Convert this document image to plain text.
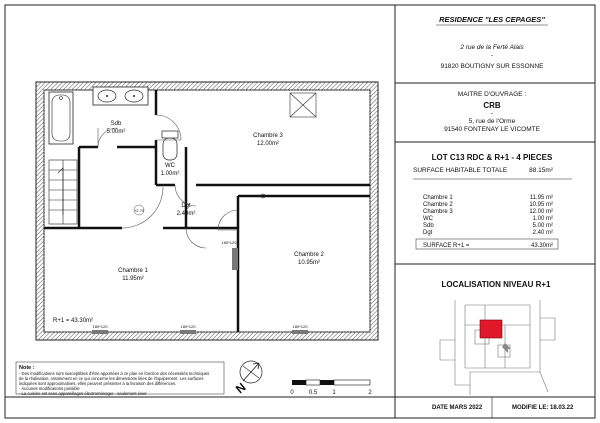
RESIDENCE "LES CEPAGES"
2 rue de la Ferté Alais
-
91820 BOUTIGNY SUR ESSONNE
MAITRE D'OUVRAGE :
CRB
-
5, rue de l'Orme
91540 FONTENAY LE VICOMTE
LOT C13 RDC & R+1 - 4 PIECES
SURFACE HABITABLE TOTALE	88.15m²
Chambre 1	11.95 m²
Chambre 2	10.95 m²
Chambre 3	12.00 m²
WC	1.00 m²
Sdb	5.00 m²
Dgt	2.40 m²
SURFACE R+1 =	43.30m²
LOCALISATION NIVEAU R+1
DATE MARS 2022	MODIFIE LE: 18.03.22
+2.70
Sdb
5.00m²
Chambre 3
12.00m²
WC
1.00m²
Dgt
2.40m²
Chambre 1
11.95m²
Chambre 2
10.95m²
R+1 = 43.30m²
180*120	180*120	180*120
180*120
Note :
- Des modifications sont susceptibles d'être apportées à ce plan en fonction des nécessités techniques
de la réalisation, notamment en ce qui concerne les dimensions liées de l'équipement. Les surfaces
indiquées sont approximatives, elles peuvent présenter à la livraison des différences.
- Aucunes modifications possible
- La cuisine est sans appareillages électroménager - seulement évier	N	0	0.5	1	2
